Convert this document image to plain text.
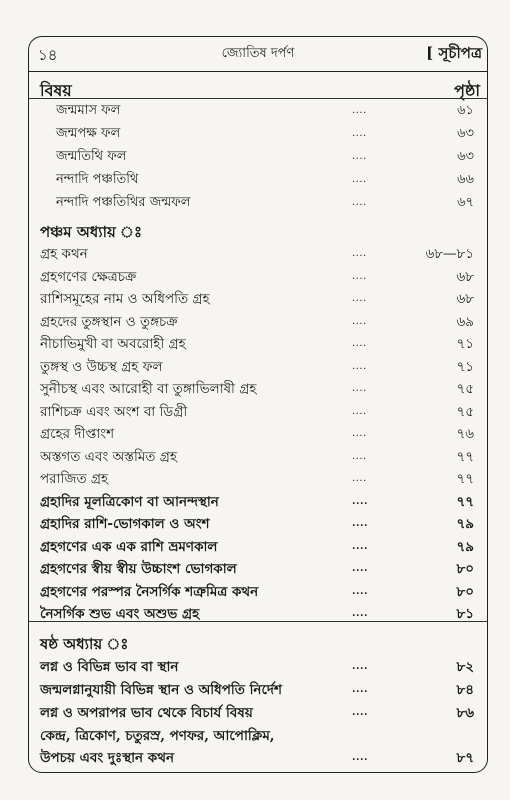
১৪	জ্যোতিষ দর্পণ	[ সূচীপত্র
বিষয়	পৃষ্ঠা
জন্মমাস ফল	....	৬১
জন্মপক্ষ ফল	....	৬৩
জন্মতিথি ফল	....	৬৩
নন্দাদি পঞ্চতিথি	....	৬৬
নন্দাদি পঞ্চতিথির জন্মফল	....	৬৭
পঞ্চম অধ্যায় ঃ
গ্রহ কথন	....	৬৮—৮১
গ্রহগণের ক্ষেত্রচক্র	....	৬৮
রাশিসমূহের নাম ও অধিপতি গ্রহ	....	৬৮
গ্রহদের তুঙ্গস্থান ও তুঙ্গচক্র	....	৬৯
নীচাভিমুখী বা অবরোহী গ্রহ	....	৭১
তুঙ্গস্থ ও উচ্চস্থ গ্রহ ফল	....	৭১
সুনীচস্থ এবং আরোহী বা তুঙ্গাভিলাষী গ্রহ	....	৭৫
রাশিচক্র এবং অংশ বা ডিগ্রী	....	৭৫
গ্রহের দীপ্তাংশ	....	৭৬
অস্তগত এবং অস্তমিত গ্রহ	....	৭৭
পরাজিত গ্রহ	....	৭৭
গ্রহাদির মূলত্রিকোণ বা আনন্দস্থান	....	৭৭
গ্রহাদির রাশি-ভোগকাল ও অংশ	....	৭৯
গ্রহগণের এক এক রাশি ভ্রমণকাল	....	৭৯
গ্রহগণের স্বীয় স্বীয় উচ্চাংশ ভোগকাল	....	৮০
গ্রহগণের পরস্পর নৈসর্গিক শত্রুমিত্র কথন	....	৮০
নৈসর্গিক শুভ এবং অশুভ গ্রহ	....	৮১
ষষ্ঠ অধ্যায় ঃ
লগ্ন ও বিভিন্ন ভাব বা স্থান	....	৮২
জন্মলগ্নানুযায়ী বিভিন্ন স্থান ও অধিপতি নির্দেশ	....	৮৪
লগ্ন ও অপরাপর ভাব থেকে বিচার্য বিষয়	....	৮৬
কেন্দ্র, ত্রিকোণ, চতুরস্র, পণফর, আপোক্লিম,
উপচয় এবং দুঃস্থান কথন	....	৮৭
